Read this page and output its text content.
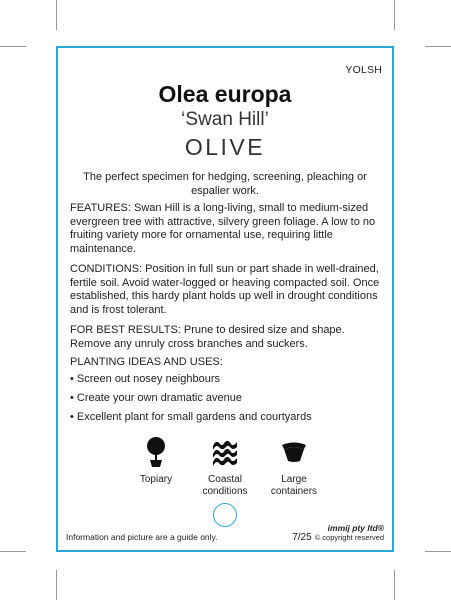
YOLSH
Olea europa
‘Swan Hill’
OLIVE
The perfect specimen for hedging, screening, pleaching or espalier work.
FEATURES: Swan Hill is a long-living, small to medium-sized evergreen tree with attractive, silvery green foliage. A low to no fruiting variety more for ornamental use, requiring little maintenance.
CONDITIONS: Position in full sun or part shade in well-drained, fertile soil. Avoid water-logged or heaving compacted soil. Once established, this hardy plant holds up well in drought conditions and is frost tolerant.
FOR BEST RESULTS: Prune to desired size and shape. Remove any unruly cross branches and suckers.
PLANTING IDEAS AND USES:
• Screen out nosey neighbours
• Create your own dramatic avenue
• Excellent plant for small gardens and courtyards
Topiary	Coastal
conditions
Large
containers
Information and picture are a guide only.
immij pty ltd®
7/25 © copyright reserved
